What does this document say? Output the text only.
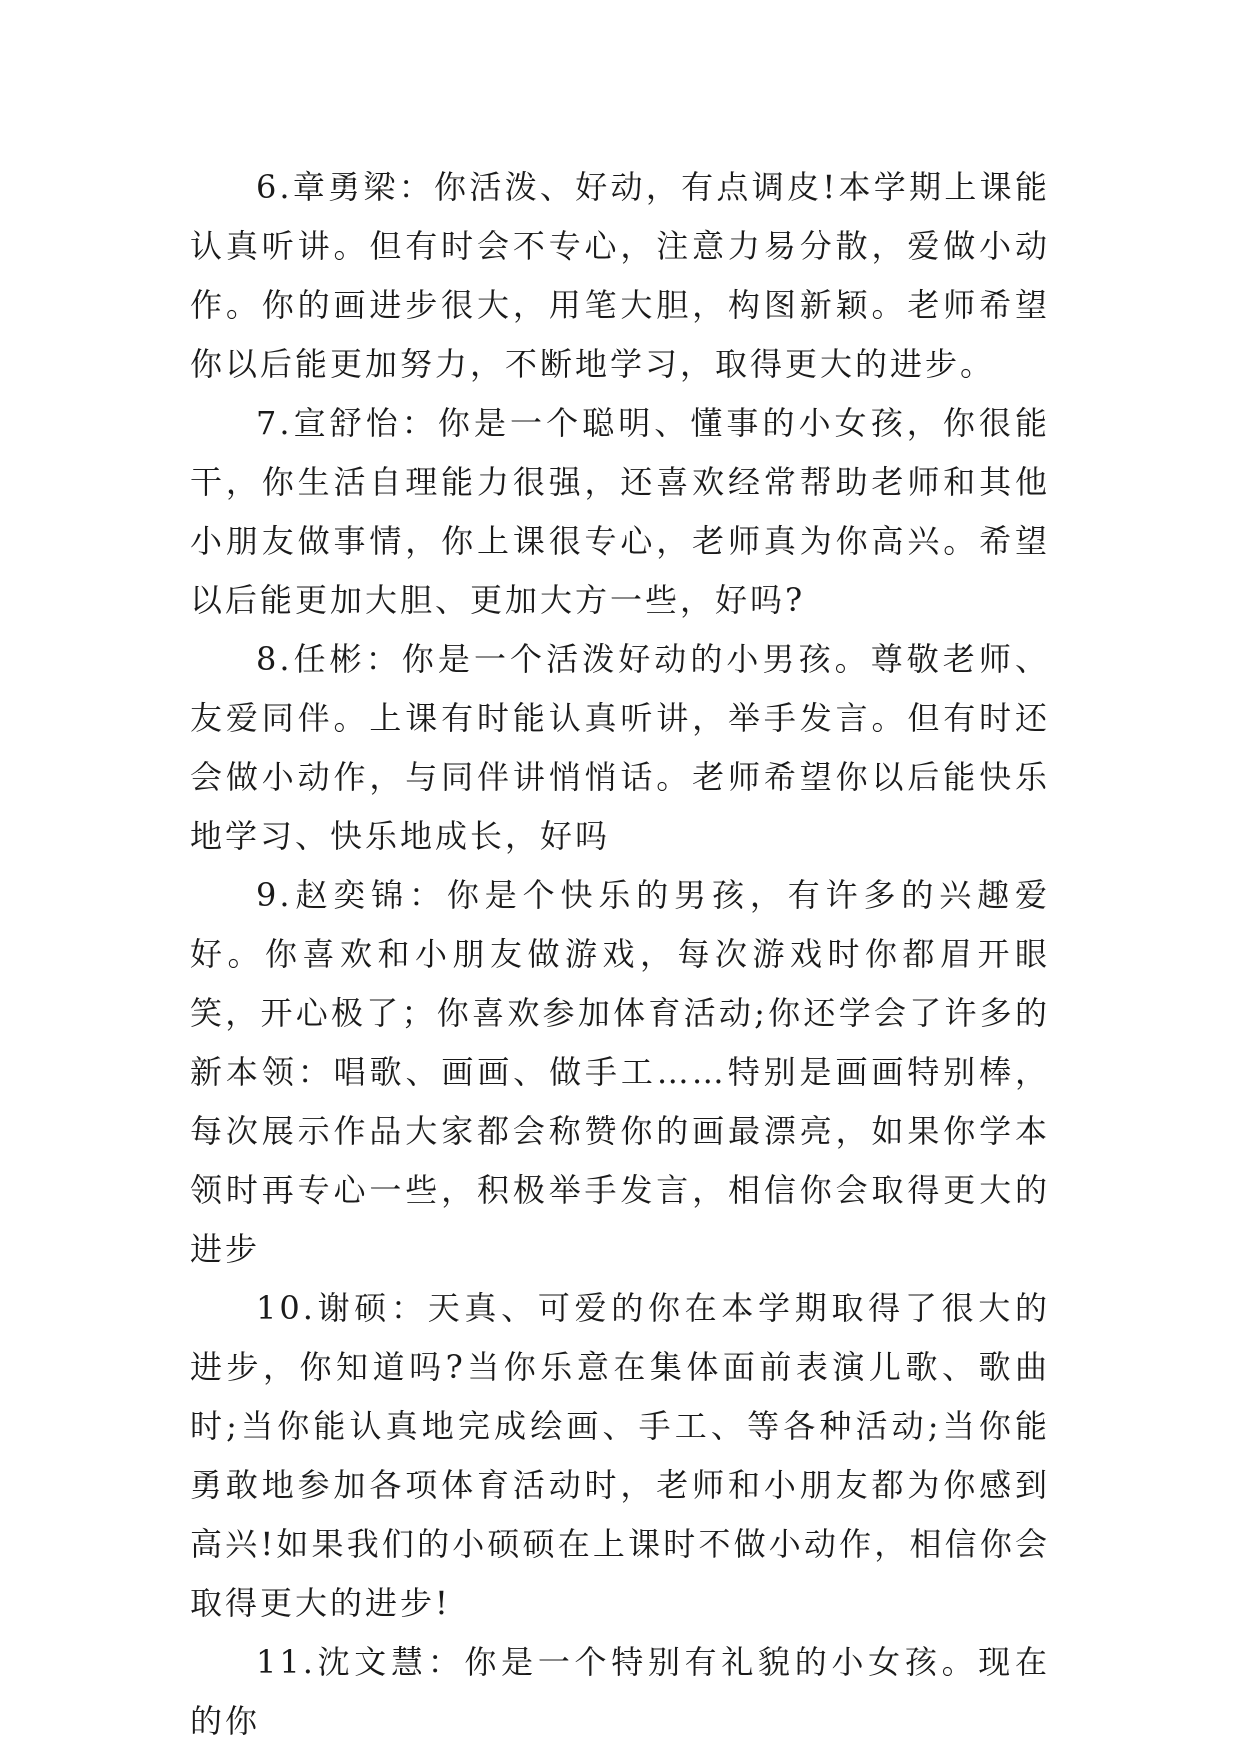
6.章勇梁：你活泼、好动，有点调皮!本学期上课能认真听讲。但有时会不专心，注意力易分散，爱做小动作。你的画进步很大，用笔大胆，构图新颖。老师希望你以后能更加努力，不断地学习，取得更大的进步。

7.宣舒怡：你是一个聪明、懂事的小女孩，你很能干，你生活自理能力很强，还喜欢经常帮助老师和其他小朋友做事情，你上课很专心，老师真为你高兴。希望以后能更加大胆、更加大方一些，好吗?

8.任彬：你是一个活泼好动的小男孩。尊敬老师、友爱同伴。上课有时能认真听讲，举手发言。但有时还会做小动作，与同伴讲悄悄话。老师希望你以后能快乐地学习、快乐地成长，好吗

9.赵奕锦：你是个快乐的男孩，有许多的兴趣爱好。你喜欢和小朋友做游戏，每次游戏时你都眉开眼笑，开心极了；你喜欢参加体育活动;你还学会了许多的新本领：唱歌、画画、做手工……特别是画画特别棒，每次展示作品大家都会称赞你的画最漂亮，如果你学本领时再专心一些，积极举手发言，相信你会取得更大的进步

10.谢硕：天真、可爱的你在本学期取得了很大的进步，你知道吗?当你乐意在集体面前表演儿歌、歌曲时;当你能认真地完成绘画、手工、等各种活动;当你能勇敢地参加各项体育活动时，老师和小朋友都为你感到高兴!如果我们的小硕硕在上课时不做小动作，相信你会取得更大的进步!

11.沈文慧：你是一个特别有礼貌的小女孩。现在的你
